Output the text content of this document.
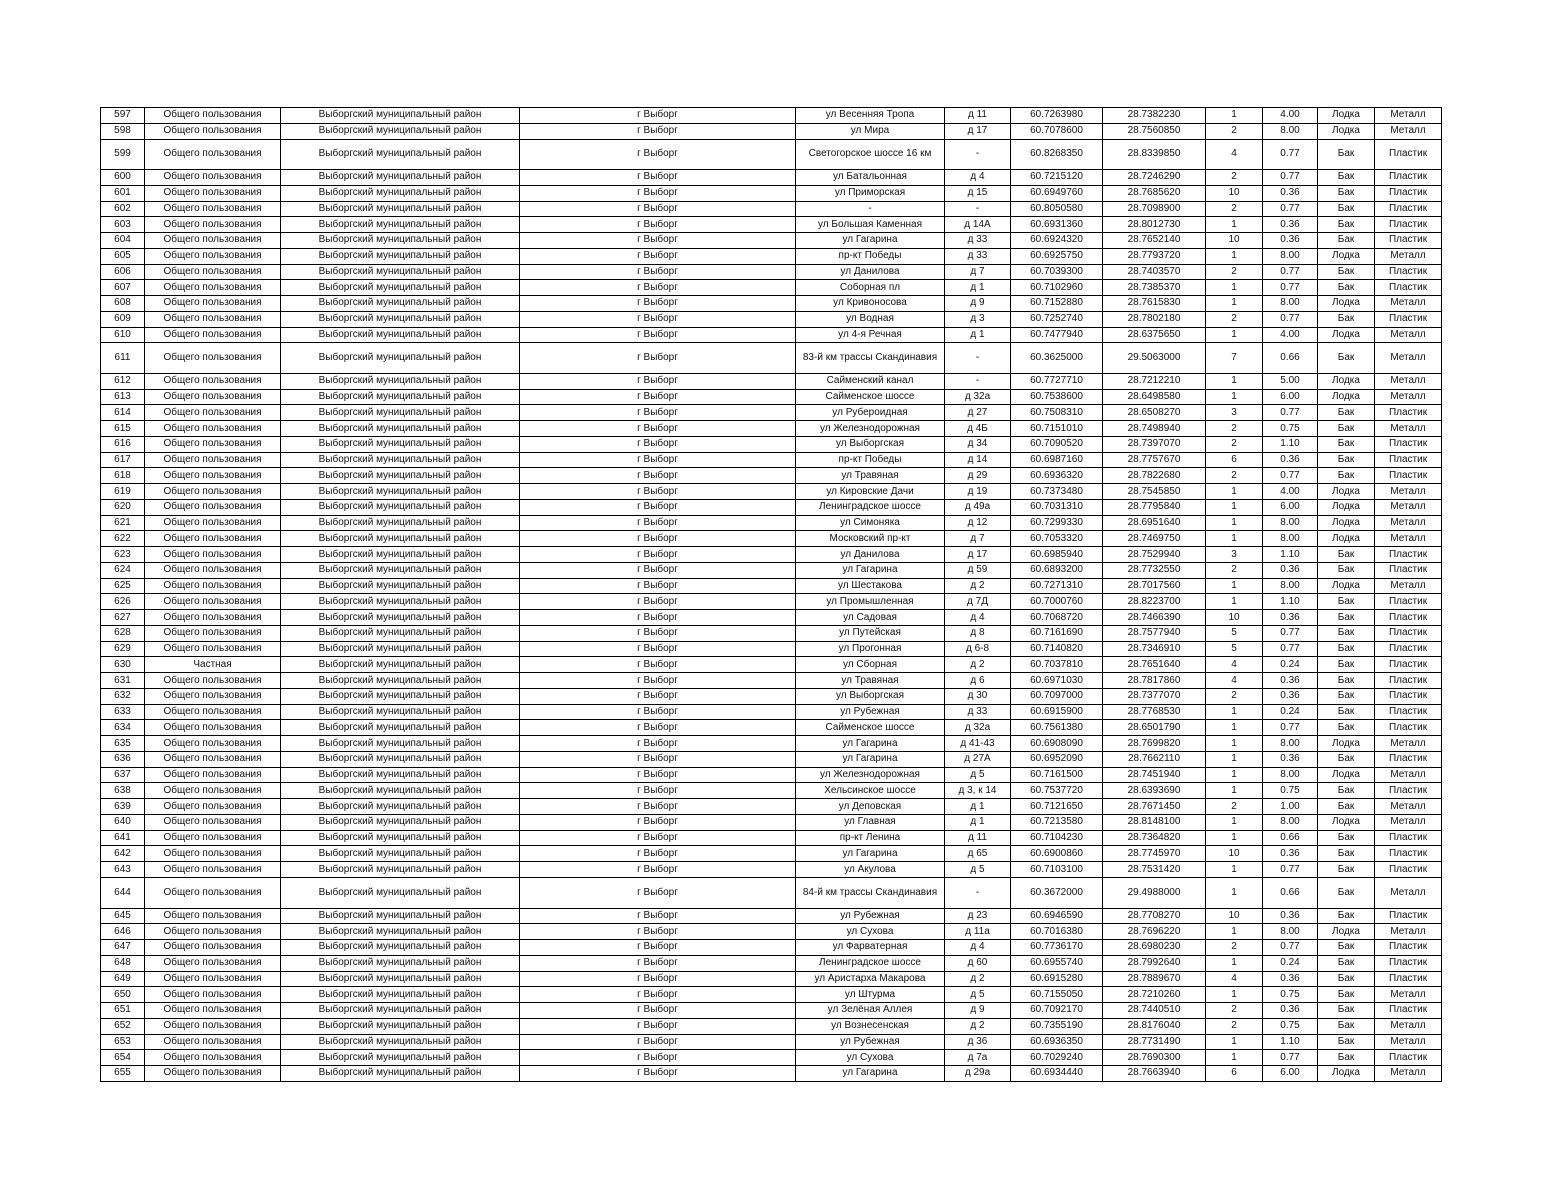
597	Общего пользования	Выборгский муниципальный район	г Выборг	ул Весенняя Тропа	д 11	60.7263980	28.7382230	1	4.00	Лодка	Металл
598	Общего пользования	Выборгский муниципальный район	г Выборг	ул Мира	д 17	60.7078600	28.7560850	2	8.00	Лодка	Металл
599	Общего пользования	Выборгский муниципальный район	г Выборг	Светогорское шоссе 16 км	-	60.8268350	28.8339850	4	0.77	Бак	Пластик
600	Общего пользования	Выборгский муниципальный район	г Выборг	ул Батальонная	д 4	60.7215120	28.7246290	2	0.77	Бак	Пластик
601	Общего пользования	Выборгский муниципальный район	г Выборг	ул Приморская	д 15	60.6949760	28.7685620	10	0.36	Бак	Пластик
602	Общего пользования	Выборгский муниципальный район	г Выборг	-	-	60.8050580	28.7098900	2	0.77	Бак	Пластик
603	Общего пользования	Выборгский муниципальный район	г Выборг	ул Большая Каменная	д 14А	60.6931360	28.8012730	1	0.36	Бак	Пластик
604	Общего пользования	Выборгский муниципальный район	г Выборг	ул Гагарина	д 33	60.6924320	28.7652140	10	0.36	Бак	Пластик
605	Общего пользования	Выборгский муниципальный район	г Выборг	пр-кт Победы	д 33	60.6925750	28.7793720	1	8.00	Лодка	Металл
606	Общего пользования	Выборгский муниципальный район	г Выборг	ул Данилова	д 7	60.7039300	28.7403570	2	0.77	Бак	Пластик
607	Общего пользования	Выборгский муниципальный район	г Выборг	Соборная пл	д 1	60.7102960	28.7385370	1	0.77	Бак	Пластик
608	Общего пользования	Выборгский муниципальный район	г Выборг	ул Кривоносова	д 9	60.7152880	28.7615830	1	8.00	Лодка	Металл
609	Общего пользования	Выборгский муниципальный район	г Выборг	ул Водная	д 3	60.7252740	28.7802180	2	0.77	Бак	Пластик
610	Общего пользования	Выборгский муниципальный район	г Выборг	ул 4-я Речная	д 1	60.7477940	28.6375650	1	4.00	Лодка	Металл
611	Общего пользования	Выборгский муниципальный район	г Выборг	83-й км трассы Скандинавия	-	60.3625000	29.5063000	7	0.66	Бак	Металл
612	Общего пользования	Выборгский муниципальный район	г Выборг	Сайменский канал	-	60.7727710	28.7212210	1	5.00	Лодка	Металл
613	Общего пользования	Выборгский муниципальный район	г Выборг	Сайменское шоссе	д 32а	60.7538600	28.6498580	1	6.00	Лодка	Металл
614	Общего пользования	Выборгский муниципальный район	г Выборг	ул Рубероидная	д 27	60.7508310	28.6508270	3	0.77	Бак	Пластик
615	Общего пользования	Выборгский муниципальный район	г Выборг	ул Железнодорожная	д 4Б	60.7151010	28.7498940	2	0.75	Бак	Металл
616	Общего пользования	Выборгский муниципальный район	г Выборг	ул Выборгская	д 34	60.7090520	28.7397070	2	1.10	Бак	Пластик
617	Общего пользования	Выборгский муниципальный район	г Выборг	пр-кт Победы	д 14	60.6987160	28.7757670	6	0.36	Бак	Пластик
618	Общего пользования	Выборгский муниципальный район	г Выборг	ул Травяная	д 29	60.6936320	28.7822680	2	0.77	Бак	Пластик
619	Общего пользования	Выборгский муниципальный район	г Выборг	ул Кировские Дачи	д 19	60.7373480	28.7545850	1	4.00	Лодка	Металл
620	Общего пользования	Выборгский муниципальный район	г Выборг	Ленинградское шоссе	д 49а	60.7031310	28.7795840	1	6.00	Лодка	Металл
621	Общего пользования	Выборгский муниципальный район	г Выборг	ул Симоняка	д 12	60.7299330	28.6951640	1	8.00	Лодка	Металл
622	Общего пользования	Выборгский муниципальный район	г Выборг	Московский пр-кт	д 7	60.7053320	28.7469750	1	8.00	Лодка	Металл
623	Общего пользования	Выборгский муниципальный район	г Выборг	ул Данилова	д 17	60.6985940	28.7529940	3	1.10	Бак	Пластик
624	Общего пользования	Выборгский муниципальный район	г Выборг	ул Гагарина	д 59	60.6893200	28.7732550	2	0.36	Бак	Пластик
625	Общего пользования	Выборгский муниципальный район	г Выборг	ул Шестакова	д 2	60.7271310	28.7017560	1	8.00	Лодка	Металл
626	Общего пользования	Выборгский муниципальный район	г Выборг	ул Промышленная	д 7Д	60.7000760	28.8223700	1	1.10	Бак	Пластик
627	Общего пользования	Выборгский муниципальный район	г Выборг	ул Садовая	д 4	60.7068720	28.7466390	10	0.36	Бак	Пластик
628	Общего пользования	Выборгский муниципальный район	г Выборг	ул Путейская	д 8	60.7161690	28.7577940	5	0.77	Бак	Пластик
629	Общего пользования	Выборгский муниципальный район	г Выборг	ул Прогонная	д 6-8	60.7140820	28.7346910	5	0.77	Бак	Пластик
630	Частная	Выборгский муниципальный район	г Выборг	ул Сборная	д 2	60.7037810	28.7651640	4	0.24	Бак	Пластик
631	Общего пользования	Выборгский муниципальный район	г Выборг	ул Травяная	д 6	60.6971030	28.7817860	4	0.36	Бак	Пластик
632	Общего пользования	Выборгский муниципальный район	г Выборг	ул Выборгская	д 30	60.7097000	28.7377070	2	0.36	Бак	Пластик
633	Общего пользования	Выборгский муниципальный район	г Выборг	ул Рубежная	д 33	60.6915900	28.7768530	1	0.24	Бак	Пластик
634	Общего пользования	Выборгский муниципальный район	г Выборг	Сайменское шоссе	д 32а	60.7561380	28.6501790	1	0.77	Бак	Пластик
635	Общего пользования	Выборгский муниципальный район	г Выборг	ул Гагарина	д 41-43	60.6908090	28.7699820	1	8.00	Лодка	Металл
636	Общего пользования	Выборгский муниципальный район	г Выборг	ул Гагарина	д 27А	60.6952090	28.7662110	1	0.36	Бак	Пластик
637	Общего пользования	Выборгский муниципальный район	г Выборг	ул Железнодорожная	д 5	60.7161500	28.7451940	1	8.00	Лодка	Металл
638	Общего пользования	Выборгский муниципальный район	г Выборг	Хельсинское шоссе	д 3, к 14	60.7537720	28.6393690	1	0.75	Бак	Пластик
639	Общего пользования	Выборгский муниципальный район	г Выборг	ул Деповская	д 1	60.7121650	28.7671450	2	1.00	Бак	Металл
640	Общего пользования	Выборгский муниципальный район	г Выборг	ул Главная	д 1	60.7213580	28.8148100	1	8.00	Лодка	Металл
641	Общего пользования	Выборгский муниципальный район	г Выборг	пр-кт Ленина	д 11	60.7104230	28.7364820	1	0.66	Бак	Пластик
642	Общего пользования	Выборгский муниципальный район	г Выборг	ул Гагарина	д 65	60.6900860	28.7745970	10	0.36	Бак	Пластик
643	Общего пользования	Выборгский муниципальный район	г Выборг	ул Акулова	д 5	60.7103100	28.7531420	1	0.77	Бак	Пластик
644	Общего пользования	Выборгский муниципальный район	г Выборг	84-й км трассы Скандинавия	-	60.3672000	29.4988000	1	0.66	Бак	Металл
645	Общего пользования	Выборгский муниципальный район	г Выборг	ул Рубежная	д 23	60.6946590	28.7708270	10	0.36	Бак	Пластик
646	Общего пользования	Выборгский муниципальный район	г Выборг	ул Сухова	д 11а	60.7016380	28.7696220	1	8.00	Лодка	Металл
647	Общего пользования	Выборгский муниципальный район	г Выборг	ул Фарватерная	д 4	60.7736170	28.6980230	2	0.77	Бак	Пластик
648	Общего пользования	Выборгский муниципальный район	г Выборг	Ленинградское шоссе	д 60	60.6955740	28.7992640	1	0.24	Бак	Пластик
649	Общего пользования	Выборгский муниципальный район	г Выборг	ул Аристарха Макарова	д 2	60.6915280	28.7889670	4	0.36	Бак	Пластик
650	Общего пользования	Выборгский муниципальный район	г Выборг	ул Штурма	д 5	60.7155050	28.7210260	1	0.75	Бак	Металл
651	Общего пользования	Выборгский муниципальный район	г Выборг	ул Зелёная Аллея	д 9	60.7092170	28.7440510	2	0.36	Бак	Пластик
652	Общего пользования	Выборгский муниципальный район	г Выборг	ул Вознесенская	д 2	60.7355190	28.8176040	2	0.75	Бак	Металл
653	Общего пользования	Выборгский муниципальный район	г Выборг	ул Рубежная	д 36	60.6936350	28.7731490	1	1.10	Бак	Металл
654	Общего пользования	Выборгский муниципальный район	г Выборг	ул Сухова	д 7а	60.7029240	28.7690300	1	0.77	Бак	Пластик
655	Общего пользования	Выборгский муниципальный район	г Выборг	ул Гагарина	д 29а	60.6934440	28.7663940	6	6.00	Лодка	Металл
